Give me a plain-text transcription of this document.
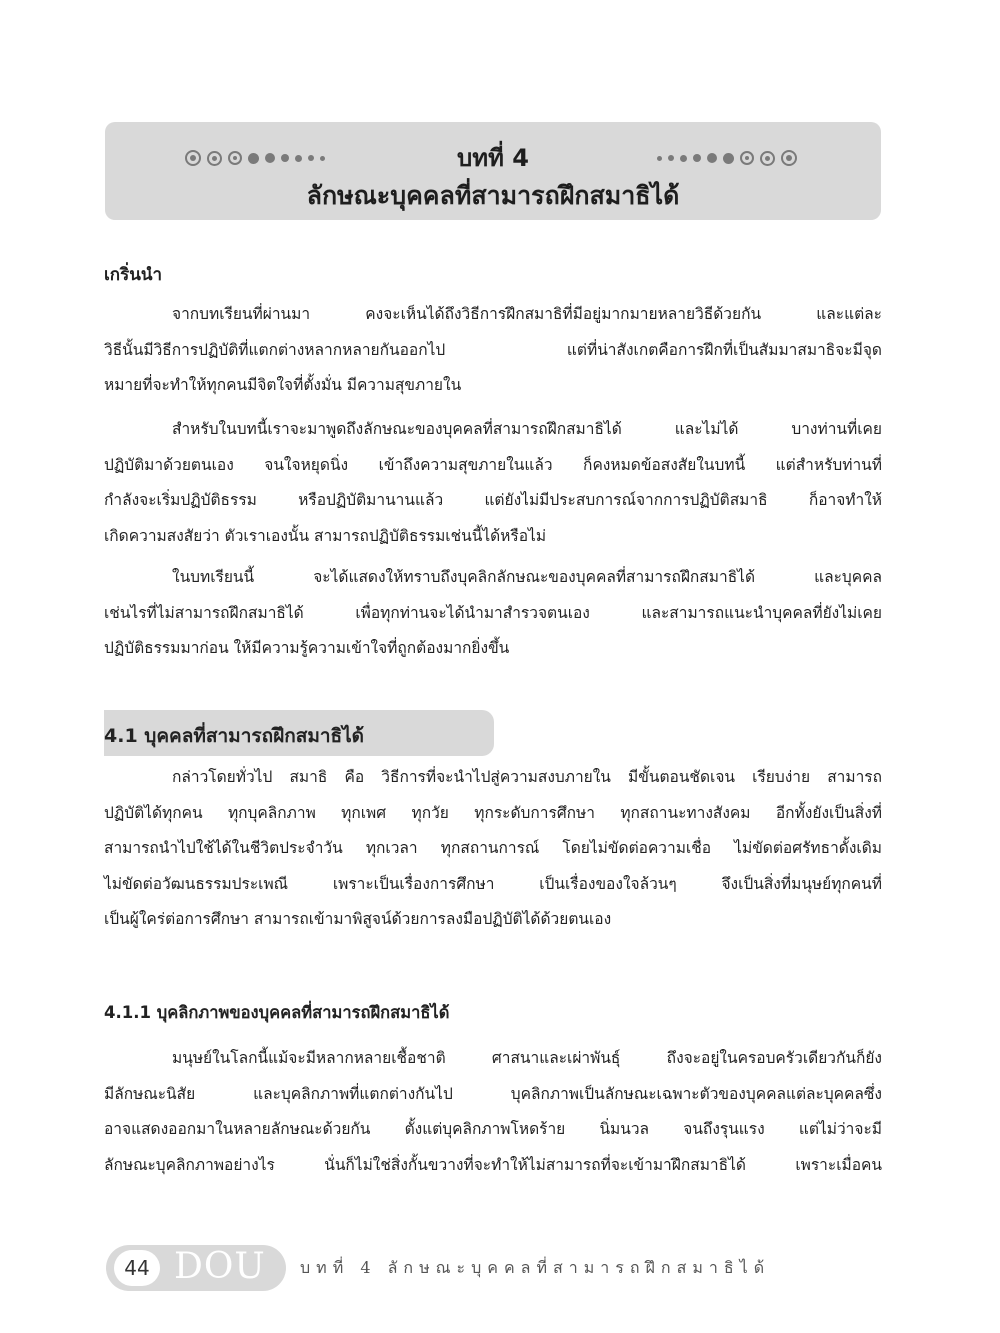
บทที่ 4
ลักษณะบุคคลที่สามารถฝึกสมาธิได้
เกริ่นนำ

จากบทเรียนที่ผ่านมา คงจะเห็นได้ถึงวิธีการฝึกสมาธิที่มีอยู่มากมายหลายวิธีด้วยกัน และแต่ละ
วิธีนั้นมีวิธีการปฏิบัติที่แตกต่างหลากหลายกันออกไป แต่ที่น่าสังเกตคือการฝึกที่เป็นสัมมาสมาธิจะมีจุด
หมายที่จะทำให้ทุกคนมีจิตใจที่ตั้งมั่น มีความสุขภายใน

สำหรับในบทนี้เราจะมาพูดถึงลักษณะของบุคคลที่สามารถฝึกสมาธิได้ และไม่ได้ บางท่านที่เคย
ปฏิบัติมาด้วยตนเอง จนใจหยุดนิ่ง เข้าถึงความสุขภายในแล้ว ก็คงหมดข้อสงสัยในบทนี้ แต่สำหรับท่านที่
กำลังจะเริ่มปฏิบัติธรรม หรือปฏิบัติมานานแล้ว แต่ยังไม่มีประสบการณ์จากการปฏิบัติสมาธิ ก็อาจทำให้
เกิดความสงสัยว่า ตัวเราเองนั้น สามารถปฏิบัติธรรมเช่นนี้ได้หรือไม่

ในบทเรียนนี้ จะได้แสดงให้ทราบถึงบุคลิกลักษณะของบุคคลที่สามารถฝึกสมาธิได้ และบุคคล
เช่นไรที่ไม่สามารถฝึกสมาธิได้ เพื่อทุกท่านจะได้นำมาสำรวจตนเอง และสามารถแนะนำบุคคลที่ยังไม่เคย
ปฏิบัติธรรมมาก่อน ให้มีความรู้ความเข้าใจที่ถูกต้องมากยิ่งขึ้น

4.1 บุคคลที่สามารถฝึกสมาธิได้

กล่าวโดยทั่วไป สมาธิ คือ วิธีการที่จะนำไปสู่ความสงบภายใน มีขั้นตอนชัดเจน เรียบง่าย สามารถ
ปฏิบัติได้ทุกคน ทุกบุคลิกภาพ ทุกเพศ ทุกวัย ทุกระดับการศึกษา ทุกสถานะทางสังคม อีกทั้งยังเป็นสิ่งที่
สามารถนำไปใช้ได้ในชีวิตประจำวัน ทุกเวลา ทุกสถานการณ์ โดยไม่ขัดต่อความเชื่อ ไม่ขัดต่อศรัทธาดั้งเดิม
ไม่ขัดต่อวัฒนธรรมประเพณี เพราะเป็นเรื่องการศึกษา เป็นเรื่องของใจล้วนๆ จึงเป็นสิ่งที่มนุษย์ทุกคนที่
เป็นผู้ใคร่ต่อการศึกษา สามารถเข้ามาพิสูจน์ด้วยการลงมือปฏิบัติได้ด้วยตนเอง

4.1.1 บุคลิกภาพของบุคคลที่สามารถฝึกสมาธิได้

มนุษย์ในโลกนี้แม้จะมีหลากหลายเชื้อชาติ ศาสนาและเผ่าพันธุ์ ถึงจะอยู่ในครอบครัวเดียวกันก็ยัง
มีลักษณะนิสัย และบุคลิกภาพที่แตกต่างกันไป บุคลิกภาพเป็นลักษณะเฉพาะตัวของบุคคลแต่ละบุคคลซึ่ง
อาจแสดงออกมาในหลายลักษณะด้วยกัน ตั้งแต่บุคลิกภาพโหดร้าย นิ่มนวล จนถึงรุนแรง แต่ไม่ว่าจะมี
ลักษณะบุคลิกภาพอย่างไร นั่นก็ไม่ใช่สิ่งกั้นขวางที่จะทำให้ไม่สามารถที่จะเข้ามาฝึกสมาธิได้ เพราะเมื่อคน

44 DOU บทที่ 4 ลักษณะบุคคลที่สามารถฝึกสมาธิได้
